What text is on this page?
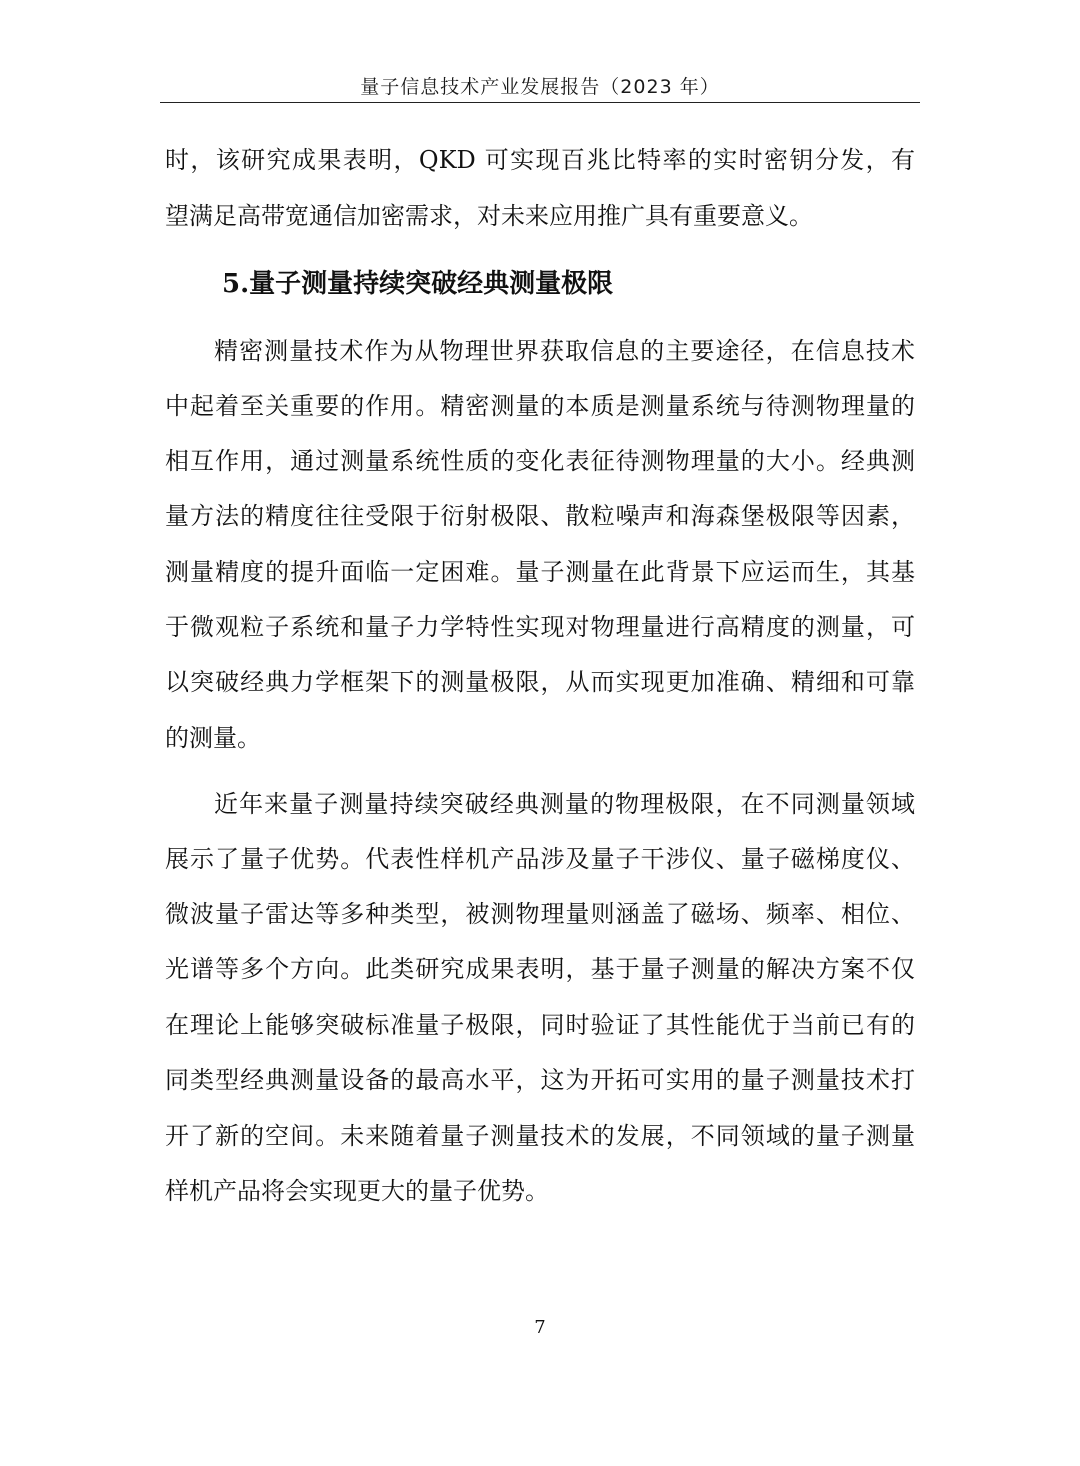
量子信息技术产业发展报告（2023 年）
时，该研究成果表明，QKD 可实现百兆比特率的实时密钥分发，有
望满足高带宽通信加密需求，对未来应用推广具有重要意义。
5.量子测量持续突破经典测量极限
精密测量技术作为从物理世界获取信息的主要途径，在信息技术
中起着至关重要的作用。精密测量的本质是测量系统与待测物理量的
相互作用，通过测量系统性质的变化表征待测物理量的大小。经典测
量方法的精度往往受限于衍射极限、散粒噪声和海森堡极限等因素，
测量精度的提升面临一定困难。量子测量在此背景下应运而生，其基
于微观粒子系统和量子力学特性实现对物理量进行高精度的测量，可
以突破经典力学框架下的测量极限，从而实现更加准确、精细和可靠
的测量。
近年来量子测量持续突破经典测量的物理极限，在不同测量领域
展示了量子优势。代表性样机产品涉及量子干涉仪、量子磁梯度仪、
微波量子雷达等多种类型，被测物理量则涵盖了磁场、频率、相位、
光谱等多个方向。此类研究成果表明，基于量子测量的解决方案不仅
在理论上能够突破标准量子极限，同时验证了其性能优于当前已有的
同类型经典测量设备的最高水平，这为开拓可实用的量子测量技术打
开了新的空间。未来随着量子测量技术的发展，不同领域的量子测量
样机产品将会实现更大的量子优势。
7
